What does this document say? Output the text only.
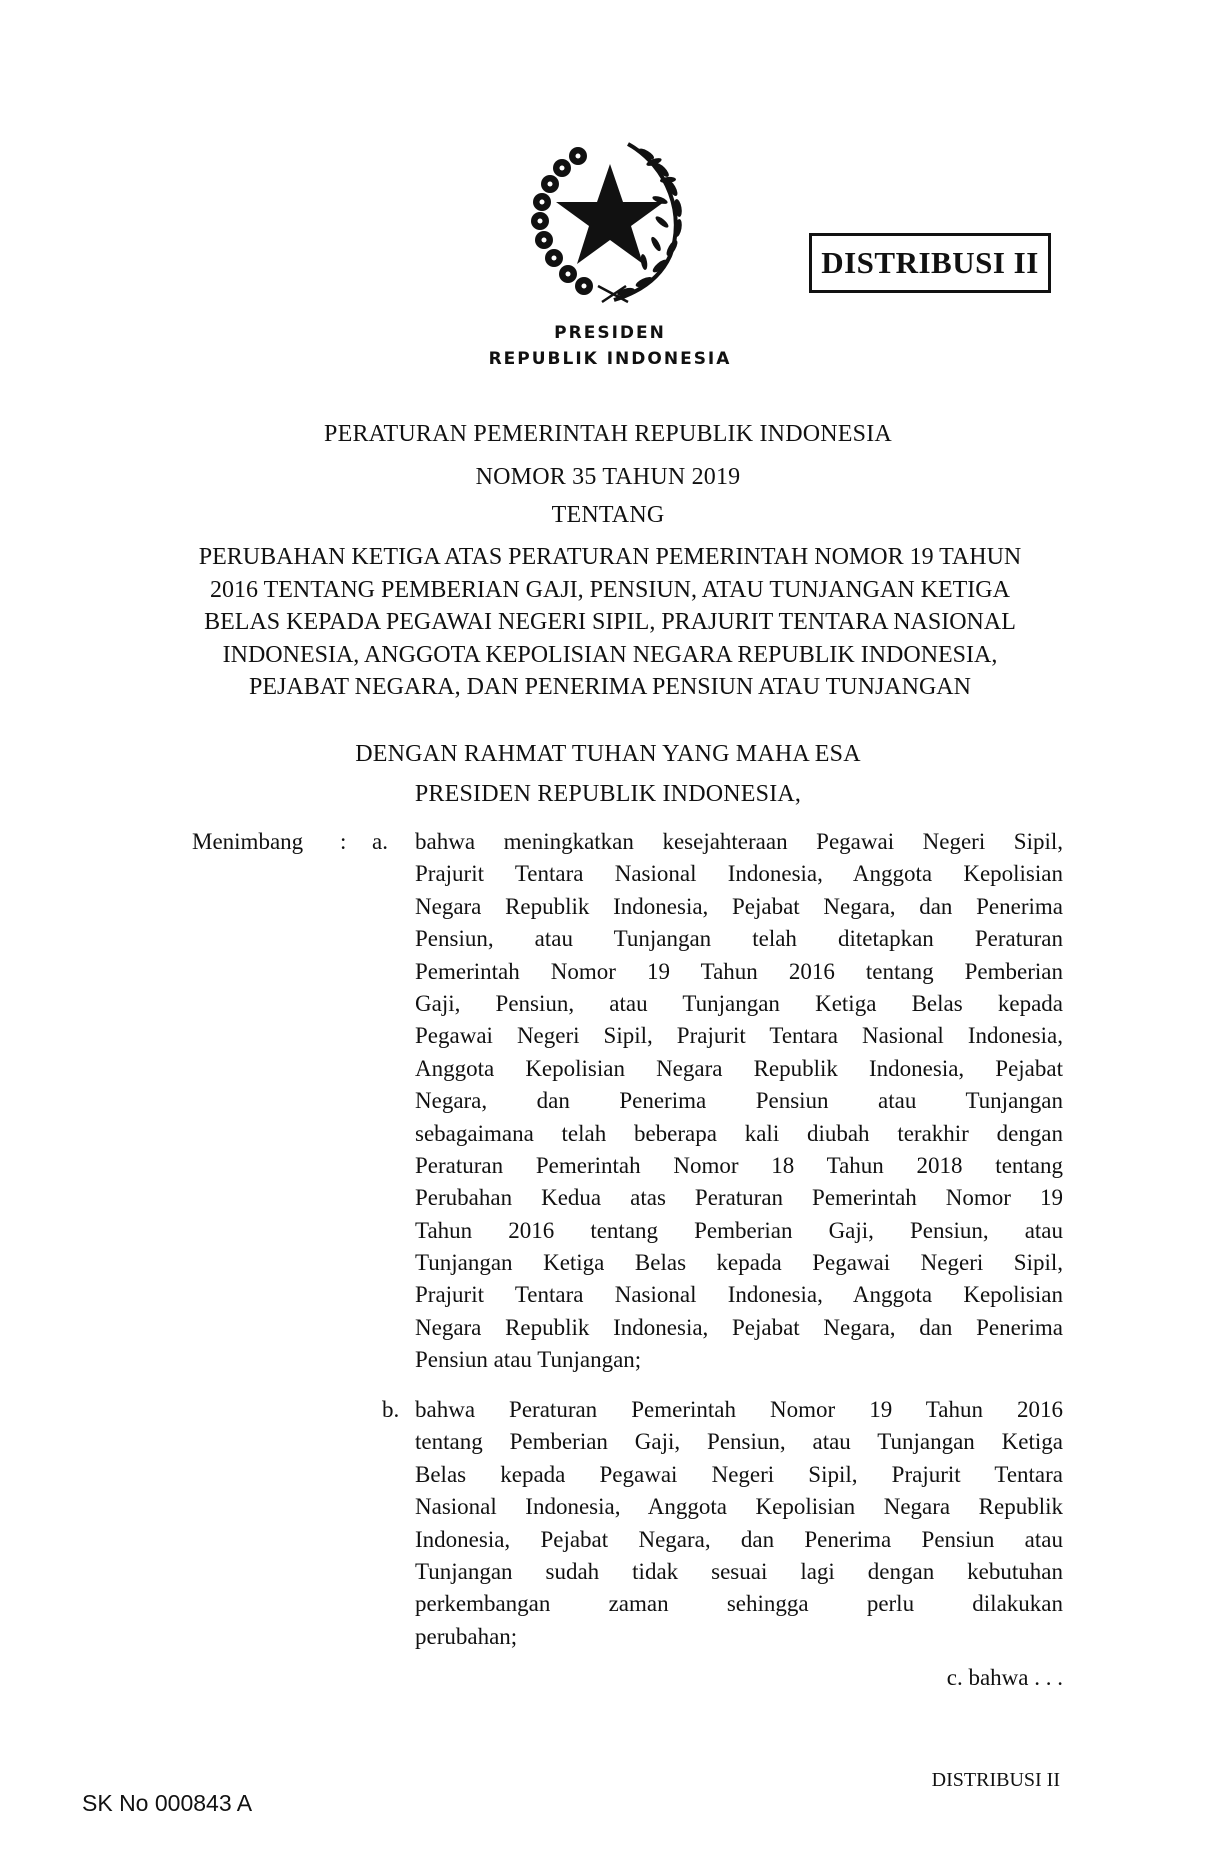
PRESIDEN
REPUBLIK INDONESIA
DISTRIBUSI II
PERATURAN PEMERINTAH REPUBLIK INDONESIA
NOMOR 35 TAHUN 2019
TENTANG
PERUBAHAN KETIGA ATAS PERATURAN PEMERINTAH NOMOR 19 TAHUN
2016 TENTANG PEMBERIAN GAJI, PENSIUN, ATAU TUNJANGAN KETIGA
BELAS KEPADA PEGAWAI NEGERI SIPIL, PRAJURIT TENTARA NASIONAL
INDONESIA, ANGGOTA KEPOLISIAN NEGARA REPUBLIK INDONESIA,
PEJABAT NEGARA, DAN PENERIMA PENSIUN ATAU TUNJANGAN
DENGAN RAHMAT TUHAN YANG MAHA ESA
PRESIDEN REPUBLIK INDONESIA,
Menimbang : a. bahwa meningkatkan kesejahteraan Pegawai Negeri Sipil,
Prajurit Tentara Nasional Indonesia, Anggota Kepolisian
Negara Republik Indonesia, Pejabat Negara, dan Penerima
Pensiun, atau Tunjangan telah ditetapkan Peraturan
Pemerintah Nomor 19 Tahun 2016 tentang Pemberian
Gaji, Pensiun, atau Tunjangan Ketiga Belas kepada
Pegawai Negeri Sipil, Prajurit Tentara Nasional Indonesia,
Anggota Kepolisian Negara Republik Indonesia, Pejabat
Negara, dan Penerima Pensiun atau Tunjangan
sebagaimana telah beberapa kali diubah terakhir dengan
Peraturan Pemerintah Nomor 18 Tahun 2018 tentang
Perubahan Kedua atas Peraturan Pemerintah Nomor 19
Tahun 2016 tentang Pemberian Gaji, Pensiun, atau
Tunjangan Ketiga Belas kepada Pegawai Negeri Sipil,
Prajurit Tentara Nasional Indonesia, Anggota Kepolisian
Negara Republik Indonesia, Pejabat Negara, dan Penerima
Pensiun atau Tunjangan;
b. bahwa Peraturan Pemerintah Nomor 19 Tahun 2016
tentang Pemberian Gaji, Pensiun, atau Tunjangan Ketiga
Belas kepada Pegawai Negeri Sipil, Prajurit Tentara
Nasional Indonesia, Anggota Kepolisian Negara Republik
Indonesia, Pejabat Negara, dan Penerima Pensiun atau
Tunjangan sudah tidak sesuai lagi dengan kebutuhan
perkembangan zaman sehingga perlu dilakukan
perubahan;
c. bahwa . . .
SK No 000843 A
DISTRIBUSI II
